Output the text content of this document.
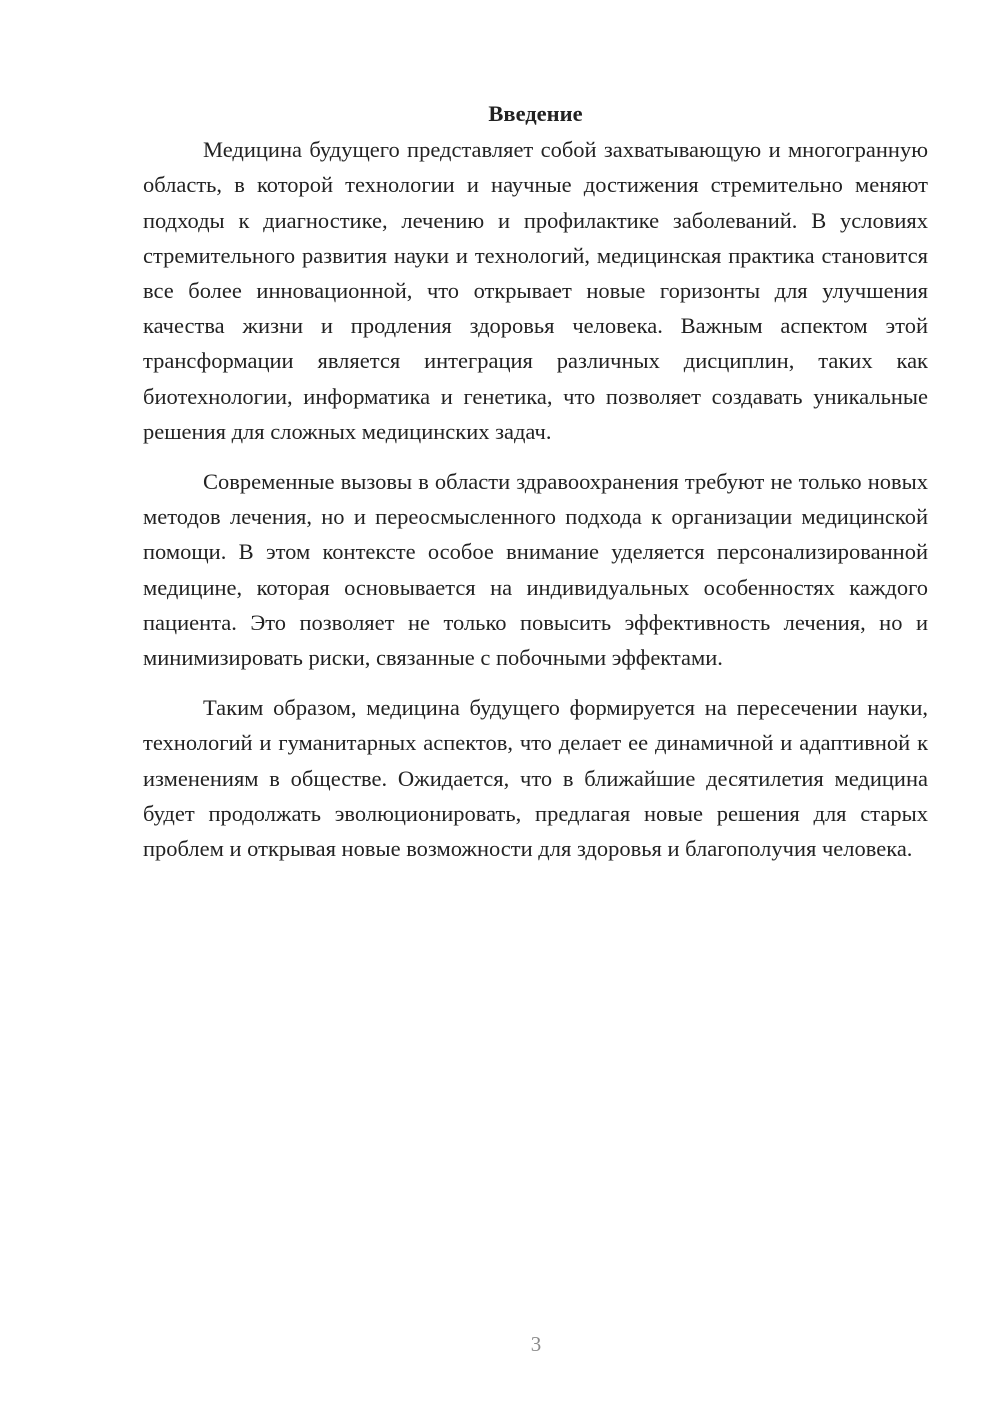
Введение

Медицина будущего представляет собой захватывающую и многогранную область, в которой технологии и научные достижения стремительно меняют подходы к диагностике, лечению и профилактике заболеваний. В условиях стремительного развития науки и технологий, медицинская практика становится все более инновационной, что открывает новые горизонты для улучшения качества жизни и продления здоровья человека. Важным аспектом этой трансформации является интеграция различных дисциплин, таких как биотехнологии, информатика и генетика, что позволяет создавать уникальные решения для сложных медицинских задач.

Современные вызовы в области здравоохранения требуют не только новых методов лечения, но и переосмысленного подхода к организации медицинской помощи. В этом контексте особое внимание уделяется персонализированной медицине, которая основывается на индивидуальных особенностях каждого пациента. Это позволяет не только повысить эффективность лечения, но и минимизировать риски, связанные с побочными эффектами.

Таким образом, медицина будущего формируется на пересечении науки, технологий и гуманитарных аспектов, что делает ее динамичной и адаптивной к изменениям в обществе. Ожидается, что в ближайшие десятилетия медицина будет продолжать эволюционировать, предлагая новые решения для старых проблем и открывая новые возможности для здоровья и благополучия человека.

3
